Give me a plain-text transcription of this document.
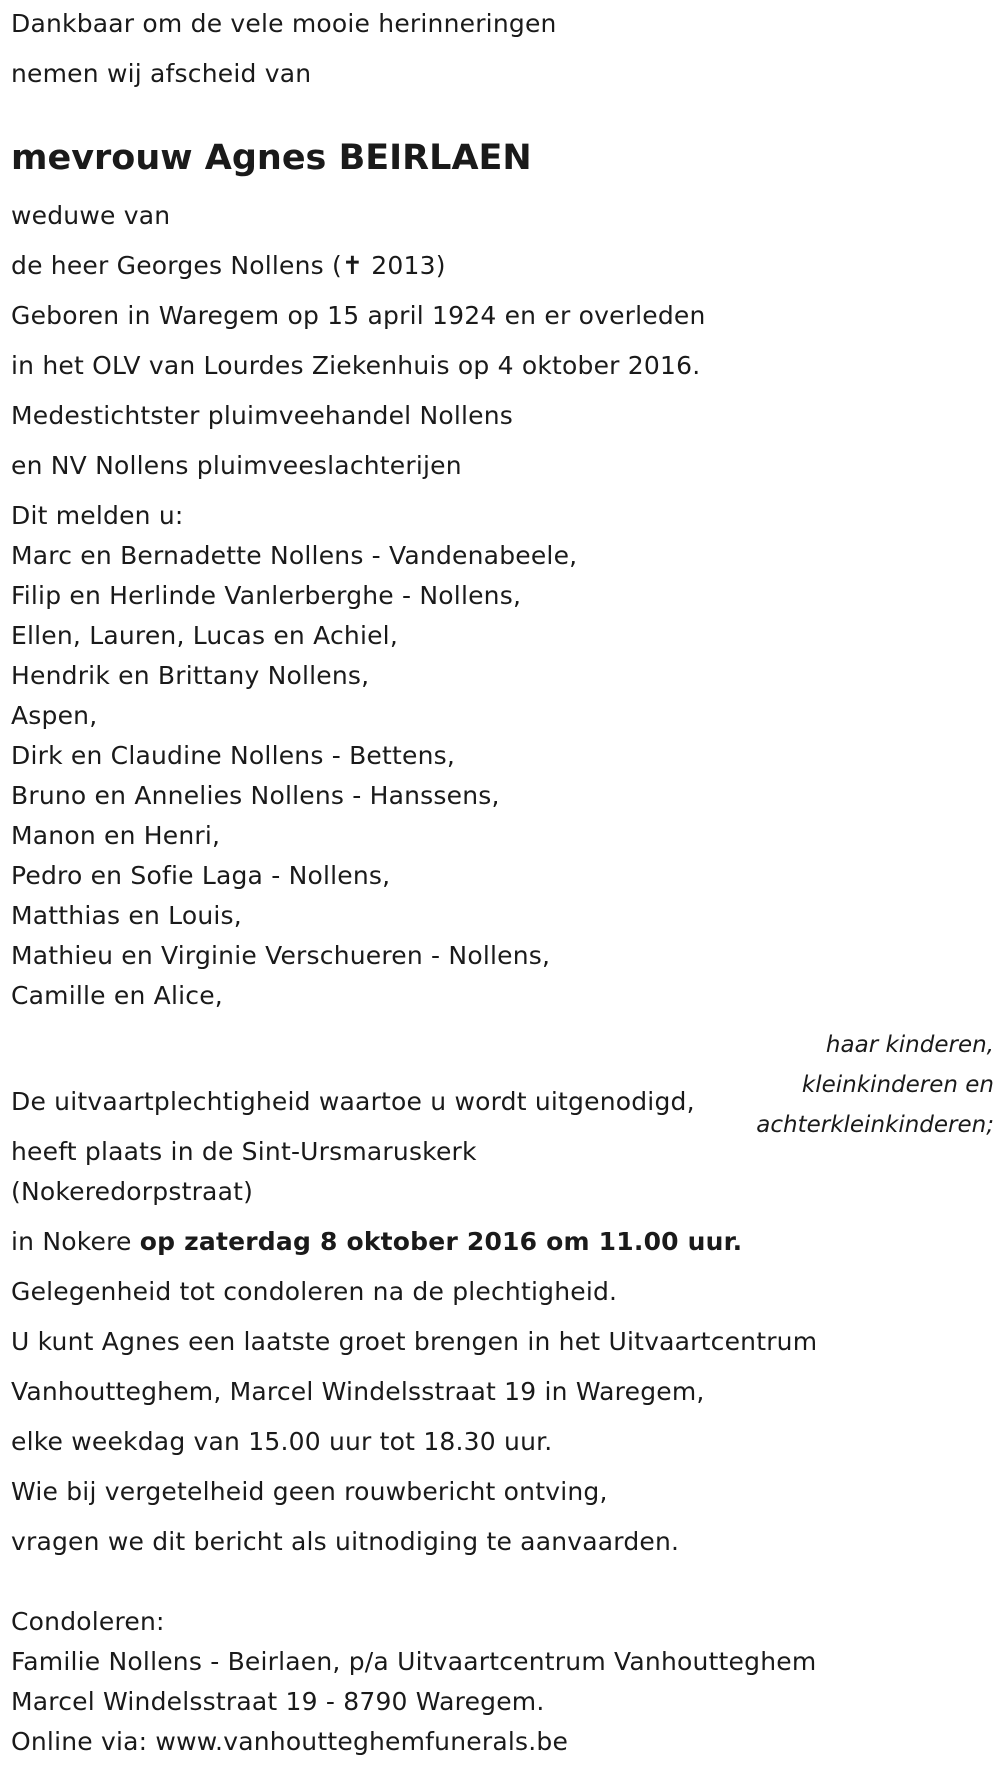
Dankbaar om de vele mooie herinneringen
nemen wij afscheid van
mevrouw Agnes BEIRLAEN
weduwe van
de heer Georges Nollens (✝ 2013)
Geboren in Waregem op 15 april 1924 en er overleden
in het OLV van Lourdes Ziekenhuis op 4 oktober 2016.
Medestichtster pluimveehandel Nollens
en NV Nollens pluimveeslachterijen
Dit melden u:
Marc en Bernadette Nollens - Vandenabeele,
Filip en Herlinde Vanlerberghe - Nollens,
Ellen, Lauren, Lucas en Achiel,
Hendrik en Brittany Nollens,
Aspen,
Dirk en Claudine Nollens - Bettens,
Bruno en Annelies Nollens - Hanssens,
Manon en Henri,
Pedro en Sofie Laga - Nollens,
Matthias en Louis,
Mathieu en Virginie Verschueren - Nollens,
Camille en Alice,
haar kinderen,
kleinkinderen en
achterkleinkinderen;
De uitvaartplechtigheid waartoe u wordt uitgenodigd,
heeft plaats in de Sint-Ursmaruskerk
(Nokeredorpstraat)
in Nokere op zaterdag 8 oktober 2016 om 11.00 uur.
Gelegenheid tot condoleren na de plechtigheid.
U kunt Agnes een laatste groet brengen in het Uitvaartcentrum
Vanhoutteghem, Marcel Windelsstraat 19 in Waregem,
elke weekdag van 15.00 uur tot 18.30 uur.
Wie bij vergetelheid geen rouwbericht ontving,
vragen we dit bericht als uitnodiging te aanvaarden.
Condoleren:
Familie Nollens - Beirlaen, p/a Uitvaartcentrum Vanhoutteghem
Marcel Windelsstraat 19 - 8790 Waregem.
Online via: www.vanhoutteghemfunerals.be
